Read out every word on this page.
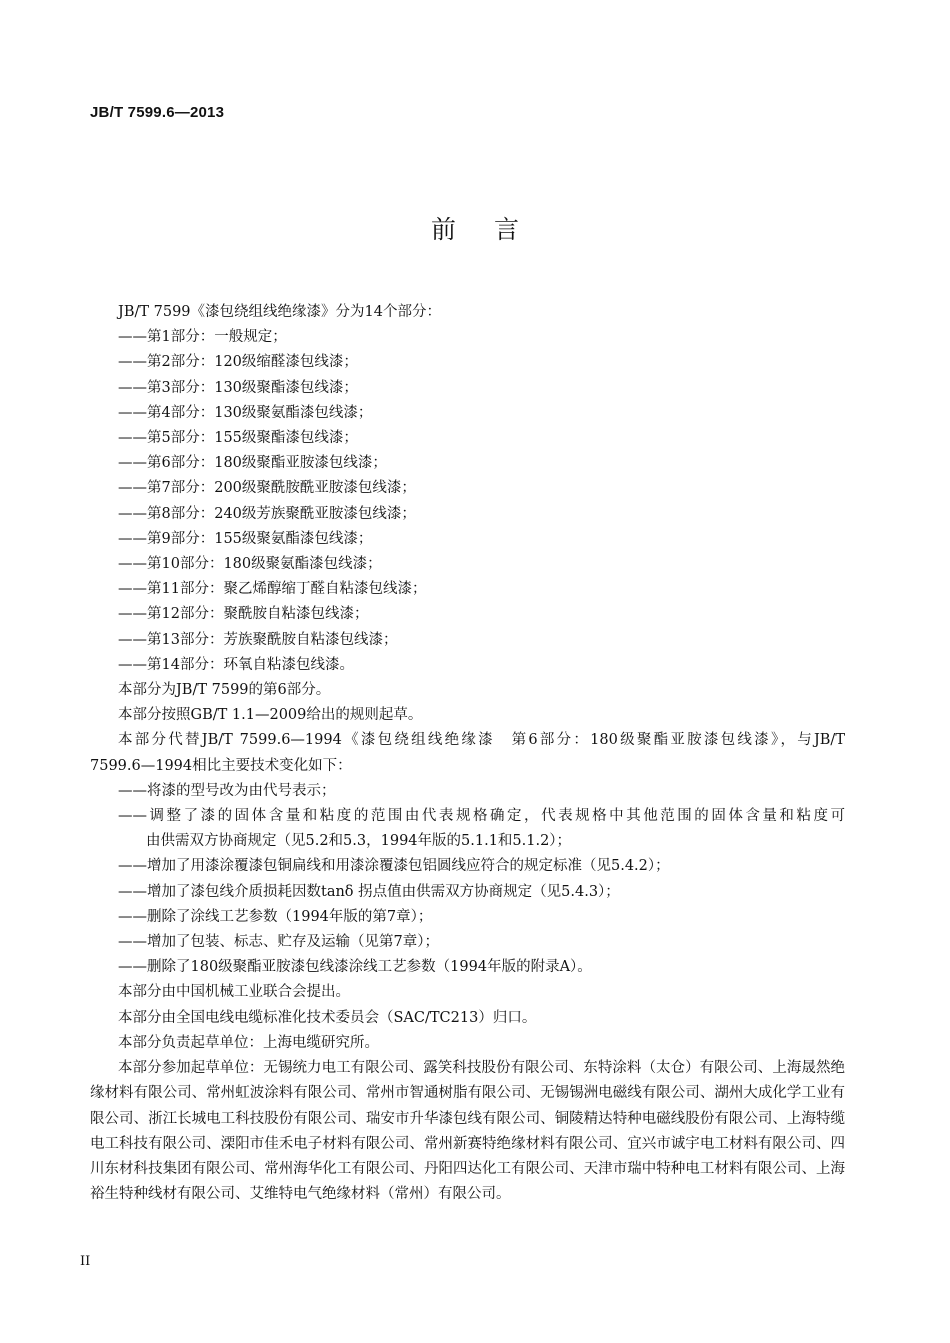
JB/T 7599.6—2013
前言
JB/T 7599《漆包绕组线绝缘漆》分为14个部分：
——第1部分：一般规定；
——第2部分：120级缩醛漆包线漆；
——第3部分：130级聚酯漆包线漆；
——第4部分：130级聚氨酯漆包线漆；
——第5部分：155级聚酯漆包线漆；
——第6部分：180级聚酯亚胺漆包线漆；
——第7部分：200级聚酰胺酰亚胺漆包线漆；
——第8部分：240级芳族聚酰亚胺漆包线漆；
——第9部分：155级聚氨酯漆包线漆；
——第10部分：180级聚氨酯漆包线漆；
——第11部分：聚乙烯醇缩丁醛自粘漆包线漆；
——第12部分：聚酰胺自粘漆包线漆；
——第13部分：芳族聚酰胺自粘漆包线漆；
——第14部分：环氧自粘漆包线漆。
本部分为JB/T 7599的第6部分。
本部分按照GB/T 1.1—2009给出的规则起草。
本部分代替JB/T 7599.6—1994《漆包绕组线绝缘漆　第6部分：180级聚酯亚胺漆包线漆》，与JB/T
7599.6—1994相比主要技术变化如下：
——将漆的型号改为由代号表示；
——调整了漆的固体含量和粘度的范围由代表规格确定，代表规格中其他范围的固体含量和粘度可
由供需双方协商规定（见5.2和5.3，1994年版的5.1.1和5.1.2）；
——增加了用漆涂覆漆包铜扁线和用漆涂覆漆包铝圆线应符合的规定标准（见5.4.2）；
——增加了漆包线介质损耗因数tanδ 拐点值由供需双方协商规定（见5.4.3）；
——删除了涂线工艺参数（1994年版的第7章）；
——增加了包装、标志、贮存及运输（见第7章）；
——删除了180级聚酯亚胺漆包线漆涂线工艺参数（1994年版的附录A）。
本部分由中国机械工业联合会提出。
本部分由全国电线电缆标准化技术委员会（SAC/TC213）归口。
本部分负责起草单位：上海电缆研究所。
本部分参加起草单位：无锡统力电工有限公司、露笑科技股份有限公司、东特涂料（太仓）有限公司、上海晟然绝缘材料有限公司、常州虹波涂料有限公司、常州市智通树脂有限公司、无锡锡洲电磁线有限公司、湖州大成化学工业有限公司、浙江长城电工科技股份有限公司、瑞安市升华漆包线有限公司、铜陵精达特种电磁线股份有限公司、上海特缆电工科技有限公司、溧阳市佳禾电子材料有限公司、常州新赛特绝缘材料有限公司、宜兴市诚宇电工材料有限公司、四川东材科技集团有限公司、常州海华化工有限公司、丹阳四达化工有限公司、天津市瑞中特种电工材料有限公司、上海裕生特种线材有限公司、艾维特电气绝缘材料（常州）有限公司。
II
